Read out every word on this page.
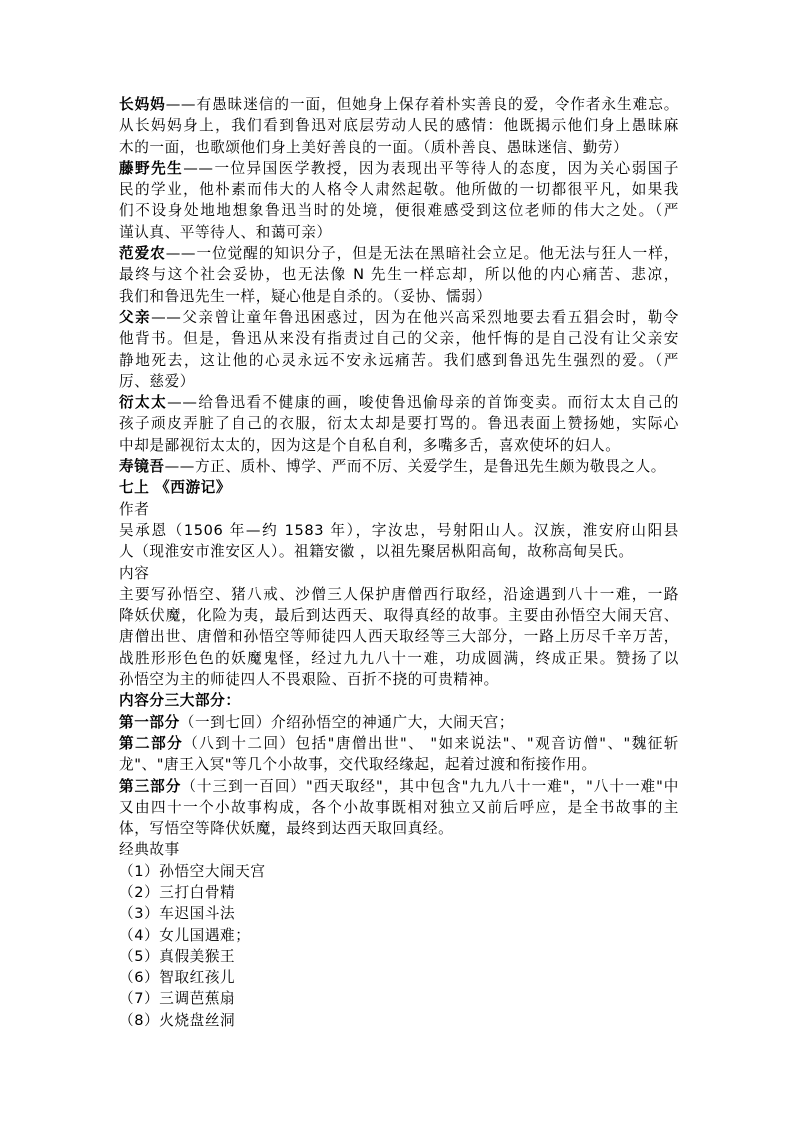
长妈妈——有愚昧迷信的一面，但她身上保存着朴实善良的爱，令作者永生难忘。
从长妈妈身上，我们看到鲁迅对底层劳动人民的感情：他既揭示他们身上愚昧麻
木的一面，也歌颂他们身上美好善良的一面。（质朴善良、愚昧迷信、勤劳）
藤野先生——一位异国医学教授，因为表现出平等待人的态度，因为关心弱国子
民的学业，他朴素而伟大的人格令人肃然起敬。他所做的一切都很平凡，如果我
们不设身处地地想象鲁迅当时的处境，便很难感受到这位老师的伟大之处。（严
谨认真、平等待人、和蔼可亲）
范爱农——一位觉醒的知识分子，但是无法在黑暗社会立足。他无法与狂人一样，
最终与这个社会妥协，也无法像 N 先生一样忘却，所以他的内心痛苦、悲凉，
我们和鲁迅先生一样，疑心他是自杀的。（妥协、懦弱）
父亲——父亲曾让童年鲁迅困惑过，因为在他兴高采烈地要去看五猖会时，勒令
他背书。但是，鲁迅从来没有指责过自己的父亲，他忏悔的是自己没有让父亲安
静地死去，这让他的心灵永远不安永远痛苦。我们感到鲁迅先生强烈的爱。（严
厉、慈爱）
衍太太——给鲁迅看不健康的画，唆使鲁迅偷母亲的首饰变卖。而衍太太自己的
孩子顽皮弄脏了自己的衣服，衍太太却是要打骂的。鲁迅表面上赞扬她，实际心
中却是鄙视衍太太的，因为这是个自私自利，多嘴多舌，喜欢使坏的妇人。
寿镜吾——方正、质朴、博学、严而不厉、关爱学生，是鲁迅先生颇为敬畏之人。
七上 《西游记》
作者
吴承恩（1506 年—约 1583 年），字汝忠，号射阳山人。汉族，淮安府山阳县
人（现淮安市淮安区人）。祖籍安徽 ，以祖先聚居枞阳高甸，故称高甸吴氏。
内容
主要写孙悟空、猪八戒、沙僧三人保护唐僧西行取经，沿途遇到八十一难，一路
降妖伏魔，化险为夷，最后到达西天、取得真经的故事。主要由孙悟空大闹天宫、
唐僧出世、唐僧和孙悟空等师徒四人西天取经等三大部分，一路上历尽千辛万苦，
战胜形形色色的妖魔鬼怪，经过九九八十一难，功成圆满，终成正果。赞扬了以
孙悟空为主的师徒四人不畏艰险、百折不挠的可贵精神。
内容分三大部分：
第一部分（一到七回）介绍孙悟空的神通广大，大闹天宫；
第二部分（八到十二回）包括"唐僧出世"、 "如来说法"、"观音访僧"、"魏征斩
龙"、"唐王入冥"等几个小故事，交代取经缘起，起着过渡和衔接作用。
第三部分（十三到一百回）"西天取经"，其中包含"九九八十一难"，"八十一难"中
又由四十一个小故事构成，各个小故事既相对独立又前后呼应，是全书故事的主
体，写悟空等降伏妖魔，最终到达西天取回真经。
经典故事
（1）孙悟空大闹天宫
（2）三打白骨精
（3）车迟国斗法
（4）女儿国遇难；
（5）真假美猴王
（6）智取红孩儿
（7）三调芭蕉扇
（8）火烧盘丝洞
